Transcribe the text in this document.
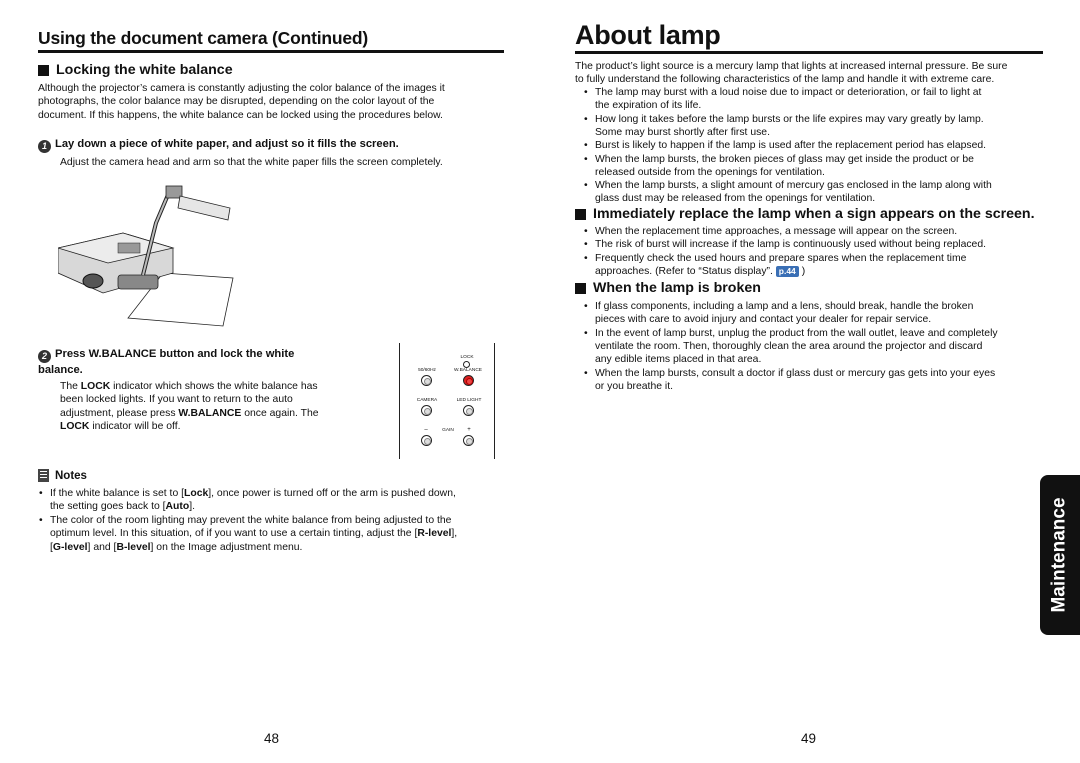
Using the document camera (Continued)
Locking the white balance
Although the projector’s camera is constantly adjusting the color balance of the images it
photographs, the color balance may be disrupted, depending on the color layout of the
document. If this happens, the white balance can be locked using the procedures below.
1 Lay down a piece of white paper, and adjust so it fills the screen.
Adjust the camera head and arm so that the white paper fills the screen completely.
2 Press W.BALANCE button and lock the white
balance.
The LOCK indicator which shows the white balance has
been locked lights. If you want to return to the auto
adjustment, please press W.BALANCE once again. The
LOCK indicator will be off.
LOCK
50/60Hz	W.BALANCE
CAMERA	LED LIGHT
–	GAIN	+
Notes
• If the white balance is set to [Lock], once power is turned off or the arm is pushed down,
the setting goes back to [Auto].
• The color of the room lighting may prevent the white balance from being adjusted to the
optimum level. In this situation, of if you want to use a certain tinting, adjust the [R-level],
[G-level] and [B-level] on the Image adjustment menu.
48
About lamp
The product’s light source is a mercury lamp that lights at increased internal pressure. Be sure
to fully understand the following characteristics of the lamp and handle it with extreme care.
• The lamp may burst with a loud noise due to impact or deterioration, or fail to light at
the expiration of its life.
• How long it takes before the lamp bursts or the life expires may vary greatly by lamp.
Some may burst shortly after first use.
• Burst is likely to happen if the lamp is used after the replacement period has elapsed.
• When the lamp bursts, the broken pieces of glass may get inside the product or be
released outside from the openings for ventilation.
• When the lamp bursts, a slight amount of mercury gas enclosed in the lamp along with
glass dust may be released from the openings for ventilation.
Immediately replace the lamp when a sign appears on the screen.
• When the replacement time approaches, a message will appear on the screen.
• The risk of burst will increase if the lamp is continuously used without being replaced.
• Frequently check the used hours and prepare spares when the replacement time
approaches. (Refer to “Status display”. p.44 )
When the lamp is broken
• If glass components, including a lamp and a lens, should break, handle the broken
pieces with care to avoid injury and contact your dealer for repair service.
• In the event of lamp burst, unplug the product from the wall outlet, leave and completely
ventilate the room. Then, thoroughly clean the area around the projector and discard
any edible items placed in that area.
• When the lamp bursts, consult a doctor if glass dust or mercury gas gets into your eyes
or you breathe it.
49
Maintenance
